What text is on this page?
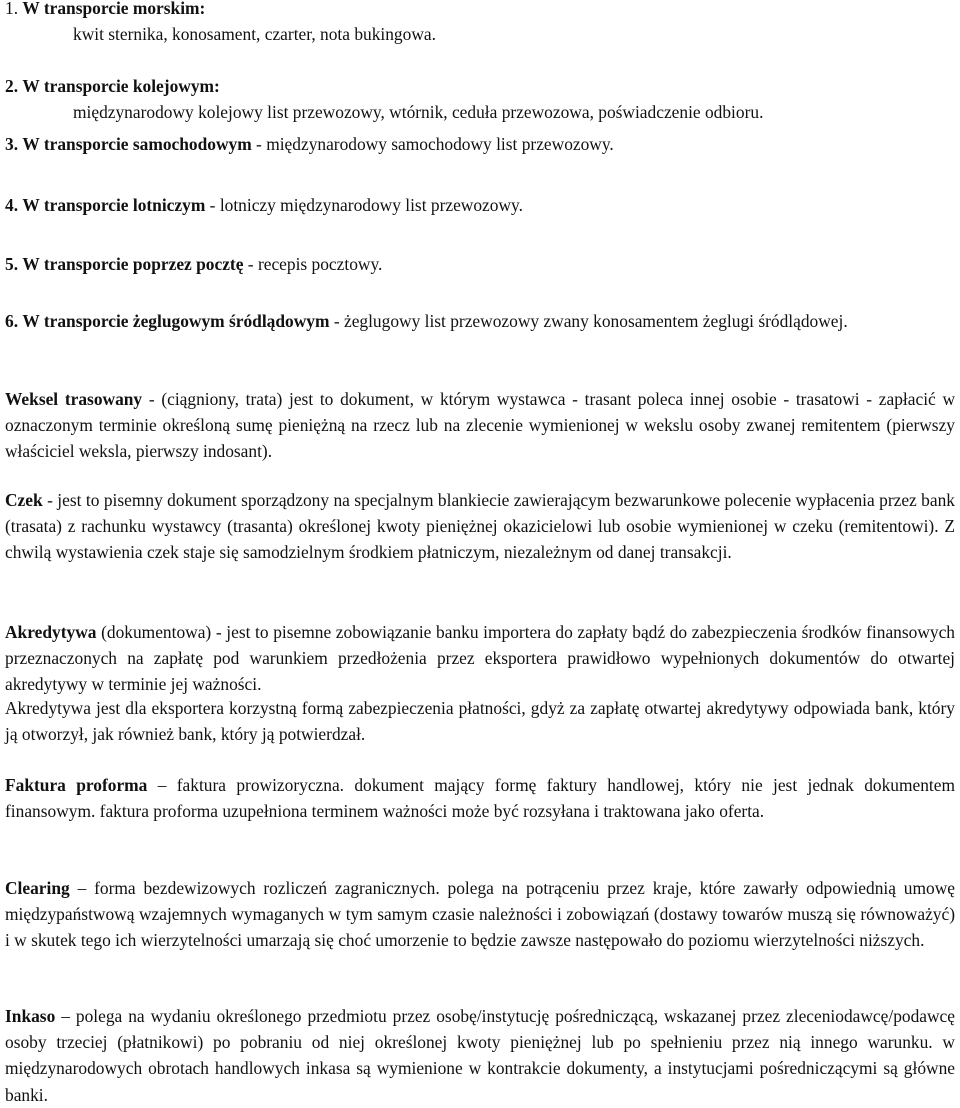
1. W transporcie morskim:

kwit sternika, konosament, czarter, nota bukingowa.

2. W transporcie kolejowym:

międzynarodowy kolejowy list przewozowy, wtórnik, ceduła przewozowa, poświadczenie odbioru.

3. W transporcie samochodowym - międzynarodowy samochodowy list przewozowy.

4. W transporcie lotniczym - lotniczy międzynarodowy list przewozowy.

5. W transporcie poprzez pocztę - recepis pocztowy.

6. W transporcie żeglugowym śródlądowym - żeglugowy list przewozowy zwany konosamentem żeglugi śródlądowej.

Weksel trasowany - (ciągniony, trata) jest to dokument, w którym wystawca - trasant poleca innej osobie - trasatowi - zapłacić w oznaczonym terminie określoną sumę pieniężną na rzecz lub na zlecenie wymienionej w wekslu osoby zwanej remitentem (pierwszy właściciel weksla, pierwszy indosant).

Czek - jest to pisemny dokument sporządzony na specjalnym blankiecie zawierającym bezwarunkowe polecenie wypłacenia przez bank (trasata) z rachunku wystawcy (trasanta) określonej kwoty pieniężnej okazicielowi lub osobie wymienionej w czeku (remitentowi). Z chwilą wystawienia czek staje się samodzielnym środkiem płatniczym, niezależnym od danej transakcji.

Akredytywa (dokumentowa) - jest to pisemne zobowiązanie banku importera do zapłaty bądź do zabezpieczenia środków finansowych przeznaczonych na zapłatę pod warunkiem przedłożenia przez eksportera prawidłowo wypełnionych dokumentów do otwartej akredytywy w terminie jej ważności.

Akredytywa jest dla eksportera korzystną formą zabezpieczenia płatności, gdyż za zapłatę otwartej akredytywy odpowiada bank, który ją otworzył, jak również bank, który ją potwierdzał.

Faktura proforma – faktura prowizoryczna. dokument mający formę faktury handlowej, który nie jest jednak dokumentem finansowym. faktura proforma uzupełniona terminem ważności może być rozsyłana i traktowana jako oferta.

Clearing – forma bezdewizowych rozliczeń zagranicznych. polega na potrąceniu przez kraje, które zawarły odpowiednią umowę międzypaństwową wzajemnych wymaganych w tym samym czasie należności i zobowiązań (dostawy towarów muszą się równoważyć) i w skutek tego ich wierzytelności umarzają się choć umorzenie to będzie zawsze następowało do poziomu wierzytelności niższych.

Inkaso – polega na wydaniu określonego przedmiotu przez osobę/instytucję pośredniczącą, wskazanej przez zleceniodawcę/podawcę osoby trzeciej (płatnikowi) po pobraniu od niej określonej kwoty pieniężnej lub po spełnieniu przez nią innego warunku. w międzynarodowych obrotach handlowych inkasa są wymienione w kontrakcie dokumenty, a instytucjami pośredniczącymi są główne banki.
